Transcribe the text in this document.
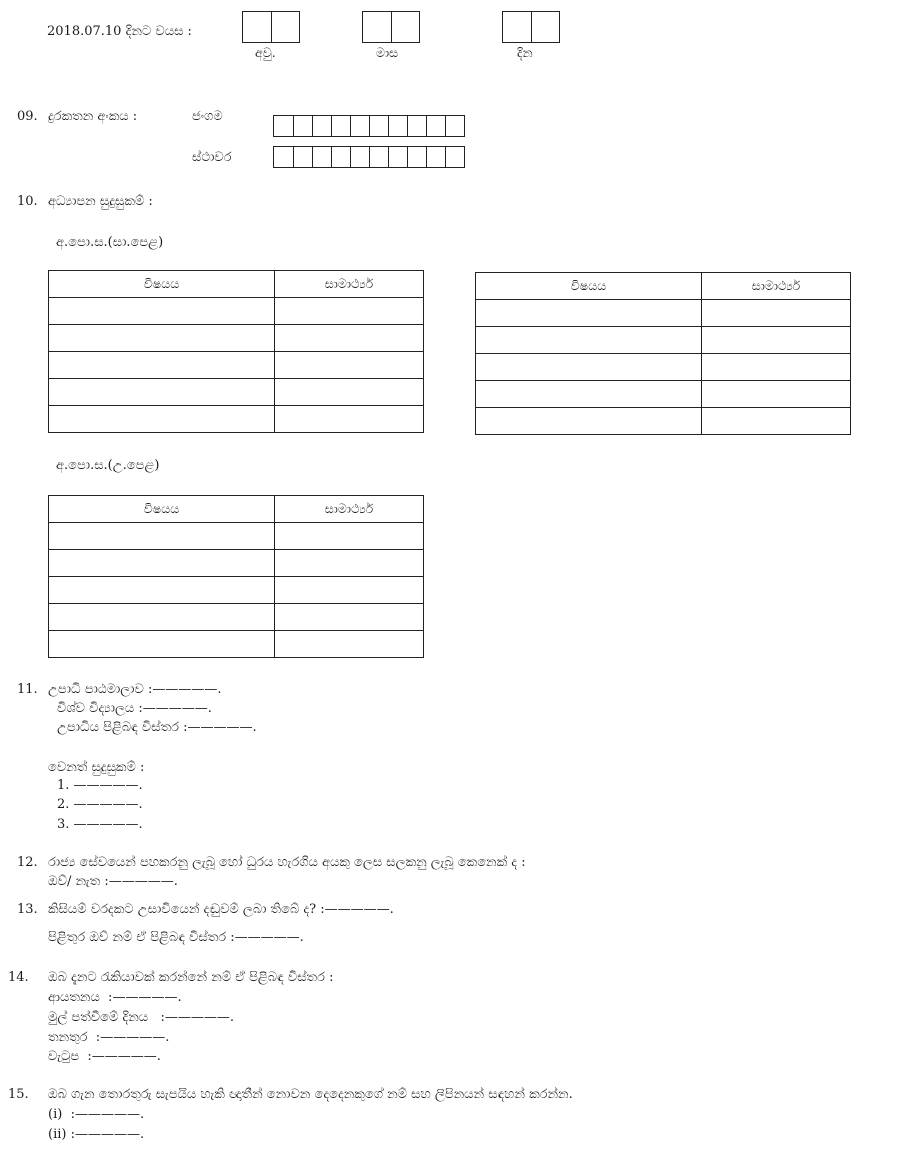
2018.07.10 දිනට වයස :
අවු.	මාස	දින
09. දුරකතන අංකය :	ජංගම
ස්ථාවර
10. අධ්‍යාපන සුදුසුකම් :
අ.පො.ස.(සා.පෙළ)
විෂයය	සාමාර්ථ්‍ය

		විෂයය	සාමාර්ථ්‍ය

අ.පො.ස.(උ.පෙළ)
විෂයය	සාමාර්ථ්‍ය

11. උපාධි පාඨමාලාව :—————.
විශ්ව විද්‍යාලය :—————.
උපාධිය පිළිබඳ විස්තර :—————.
වෙනත් සුදුසුකම් :
1. —————.
2. —————.
3. —————.
12. රාජ්‍ය සේවයෙන් පහකරනු ලැබූ හෝ ධුරය හැරගිය අයකු ලෙස සලකනු ලැබූ කෙනෙක් ද :
ඔව්/ නැත :—————.
13. කිසියම් වරදකට උසාවියෙන් දඬුවම් ලබා තිබේ ද? :—————.
පිළිතුර ඔව් නම් ඒ පිළිබඳ විස්තර :—————.
14. ඔබ දැනට රැකියාවක් කරන්නේ නම් ඒ පිළිබඳ විස්තර :
ආයතනය  :—————.
මුල් පත්වීමේ දිනය   :—————.
තනතුර  :—————.
වැටුප  :—————.
15. ඔබ ගැන තොරතුරු සැපයිය හැකි ඥාතීන් නොවන දෙදෙනකුගේ නම් සහ ලිපිනයන් සඳහන් කරන්න.
(i)  :—————.
(ii) :—————.
